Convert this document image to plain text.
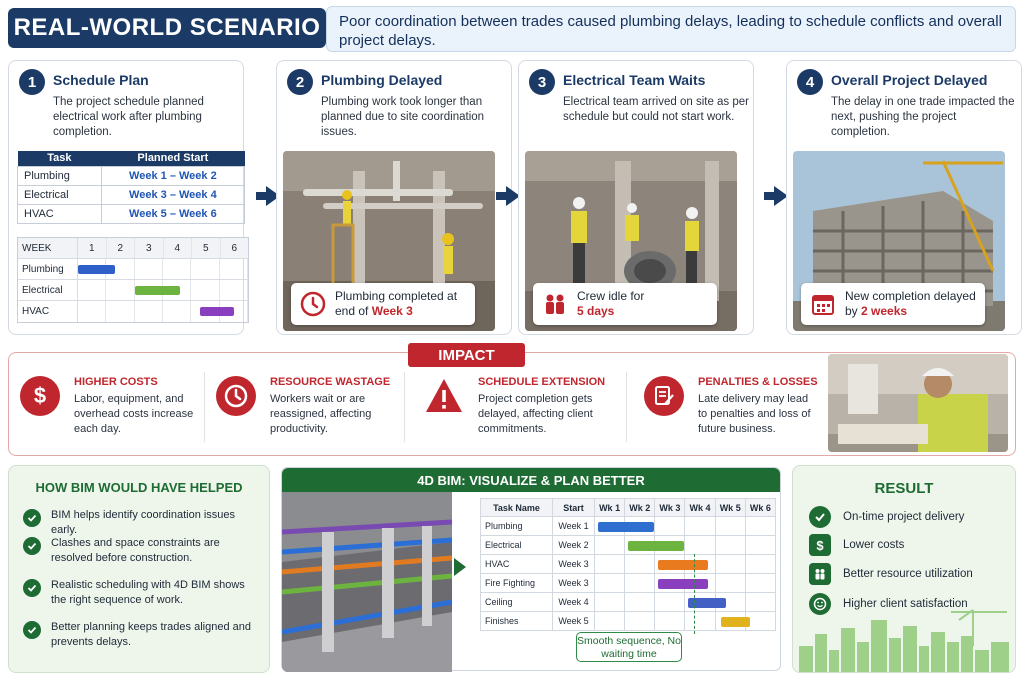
REAL-WORLD SCENARIO	Poor coordination between trades caused plumbing delays, leading to schedule conflicts and overall project delays.
1	Schedule Plan
The project schedule planned electrical work after plumbing completion.
Task	Planned Start
Plumbing	Week 1 – Week 2
Electrical	Week 3 – Week 4
HVAC	Week 5 – Week 6
WEEK	1	2	3	4	5	6
Plumbing
Electrical
HVAC
2	Plumbing Delayed
Plumbing work took longer than planned due to site coordination issues.
Plumbing completed at end of Week 3
3	Electrical Team Waits
Electrical team arrived on site as per schedule but could not start work.
Crew idle for
5 days
4	Overall Project Delayed
The delay in one trade impacted the next, pushing the project completion.
New completion delayed by 2 weeks
IMPACT
$
HIGHER COSTS
Labor, equipment, and overhead costs increase each day.
RESOURCE WASTAGE
Workers wait or are reassigned, affecting productivity.
SCHEDULE EXTENSION
Project completion gets delayed, affecting client commitments.
PENALTIES & LOSSES
Late delivery may lead to penalties and loss of future business.
HOW BIM WOULD HAVE HELPED
BIM helps identify coordination issues early.
Clashes and space constraints are resolved before construction.
Realistic scheduling with 4D BIM shows the right sequence of work.
Better planning keeps trades aligned and prevents delays.
4D BIM: VISUALIZE & PLAN BETTER
Task Name	Start	Wk 1	Wk 2	Wk 3	Wk 4	Wk 5	Wk 6
Plumbing	Week 1						
Electrical	Week 2						
HVAC	Week 3						
Fire Fighting	Week 3						
Ceiling	Week 4						
Finishes	Week 5						
Smooth sequence, No waiting time
RESULT
On-time project delivery
$	Lower costs
Better resource utilization
Higher client satisfaction
